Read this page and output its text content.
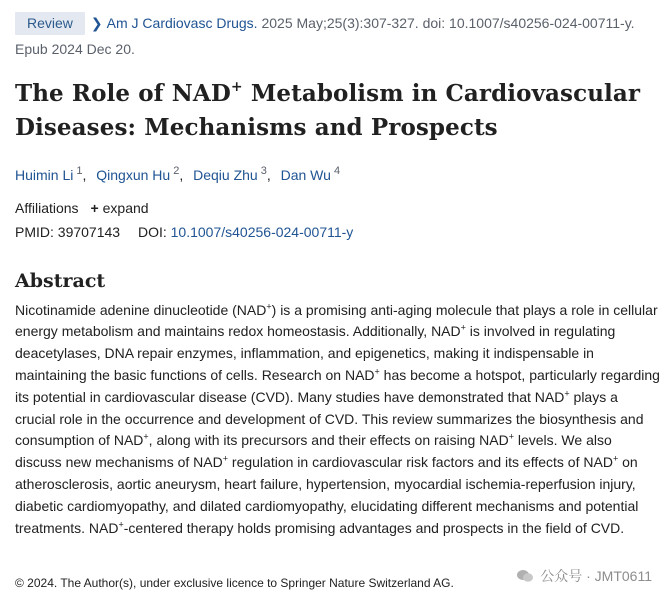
Review ❯ Am J Cardiovasc Drugs. 2025 May;25(3):307-327. doi: 10.1007/s40256-024-00711-y.
Epub 2024 Dec 20.
The Role of NAD+ Metabolism in Cardiovascular Diseases: Mechanisms and Prospects
Huimin Li $^1$, Qingxun Hu $^2$, Deqiu Zhu $^3$, Dan Wu $^4$
Affiliations + expand
PMID: 39707143 DOI: 10.1007/s40256-024-00711-y
Abstract
Nicotinamide adenine dinucleotide (NAD+) is a promising anti-aging molecule that plays a role in cellular energy metabolism and maintains redox homeostasis. Additionally, NAD+ is involved in regulating deacetylases, DNA repair enzymes, inflammation, and epigenetics, making it indispensable in maintaining the basic functions of cells. Research on NAD+ has become a hotspot, particularly regarding its potential in cardiovascular disease (CVD). Many studies have demonstrated that NAD+ plays a crucial role in the occurrence and development of CVD. This review summarizes the biosynthesis and consumption of NAD+, along with its precursors and their effects on raising NAD+ levels. We also discuss new mechanisms of NAD+ regulation in cardiovascular risk factors and its effects of NAD+ on atherosclerosis, aortic aneurysm, heart failure, hypertension, myocardial ischemia-reperfusion injury, diabetic cardiomyopathy, and dilated cardiomyopathy, elucidating different mechanisms and potential treatments. NAD+-centered therapy holds promising advantages and prospects in the field of CVD.
© 2024. The Author(s), under exclusive licence to Springer Nature Switzerland AG.	公众号 · JMT0611
